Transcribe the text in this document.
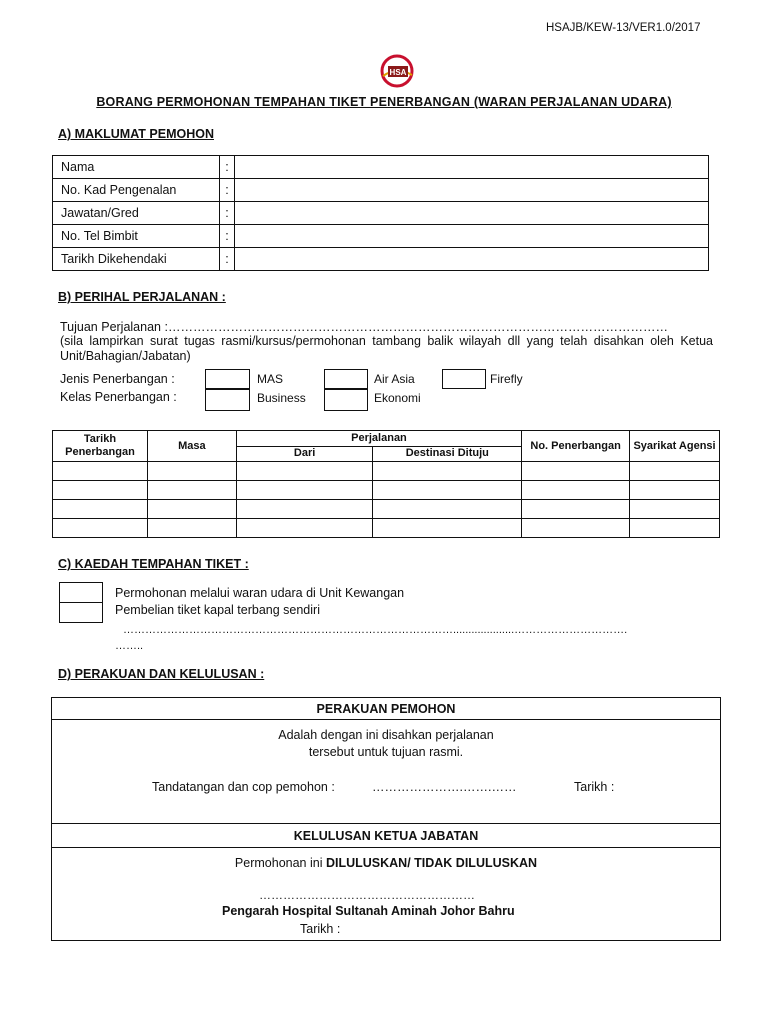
HSAJB/KEW-13/VER1.0/2017
HSA
BORANG PERMOHONAN TEMPAHAN TIKET PENERBANGAN (WARAN PERJALANAN UDARA)
A) MAKLUMAT PEMOHON
Nama	:	
No. Kad Pengenalan	:	
Jawatan/Gred	:	
No. Tel Bimbit	:	
Tarikh Dikehendaki	:	
B) PERIHAL PERJALANAN :
Tujuan Perjalanan :…………………………………………………………………………………………………………
(sila lampirkan surat tugas rasmi/kursus/permohonan tambang balik wilayah dll yang telah disahkan oleh Ketua Unit/Bahagian/Jabatan)
Jenis Penerbangan :	MAS	Air Asia	Firefly
Kelas Penerbangan :	Business	Ekonomi
Tarikh Penerbangan	Masa	Perjalanan		No. Penerbangan	Syarikat Agensi
		Dari	Destinasi Dituju		

C) KAEDAH TEMPAHAN TIKET :
Permohonan melalui waran udara di Unit Kewangan
Pembelian tiket kapal terbang sendiri
………………………………………………………………………………....................………………………….
……..
D) PERAKUAN DAN KELULUSAN :
PERAKUAN PEMOHON

Adalah dengan ini disahkan perjalanan
tersebut untuk tujuan rasmi.
Tandatangan dan cop pemohon :	………………….…….……	Tarikh :

KELULUSAN KETUA JABATAN

Permohonan ini DILULUSKAN/ TIDAK DILULUSKAN
………………………………………………
Pengarah Hospital Sultanah Aminah Johor Bahru
Tarikh :
